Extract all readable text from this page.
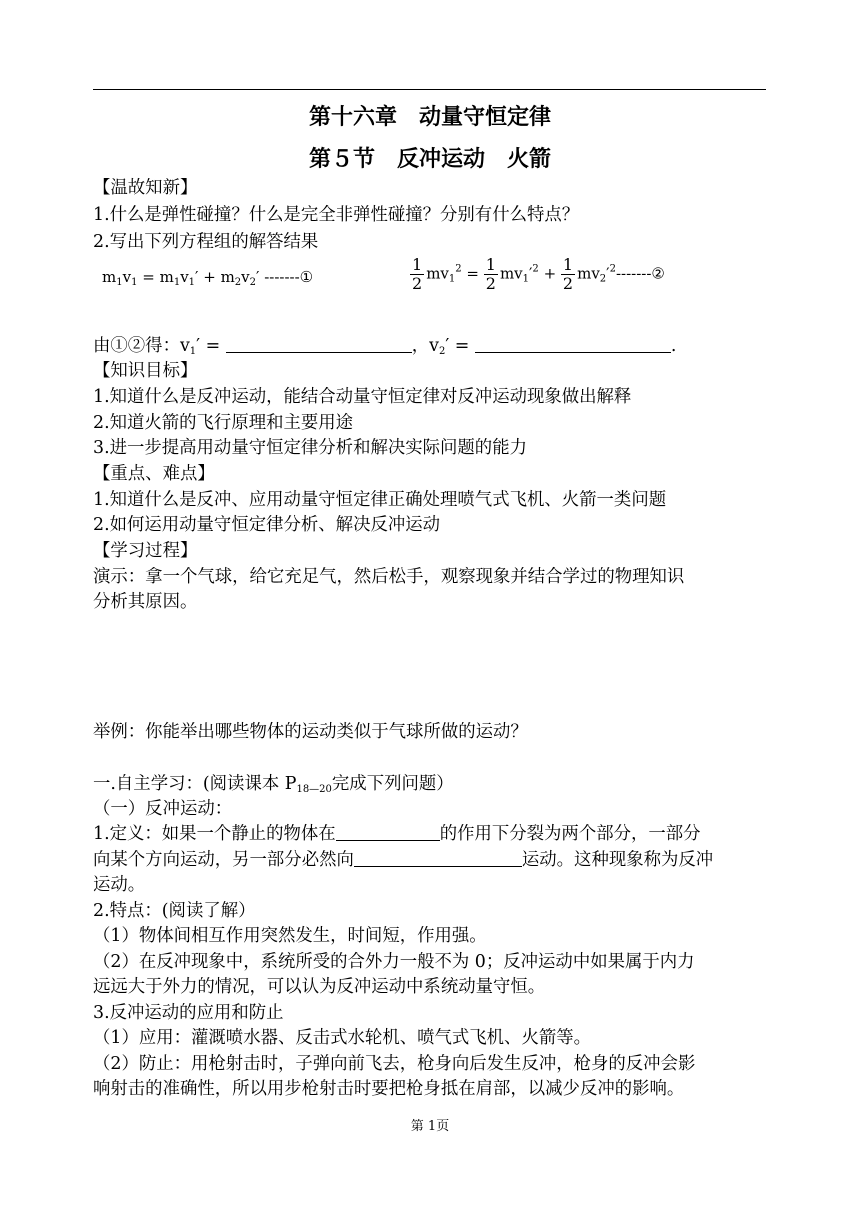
第十六章　动量守恒定律
第５节　反冲运动　火箭
【温故知新】
1.什么是弹性碰撞？什么是完全非弹性碰撞？分别有什么特点？
2.写出下列方程组的解答结果
$m_1v_1 = m_1v_1' + m_2v_2'$ -------①	$\frac{1}{2} mv_1^2 = \frac{1}{2} mv_1'^2 + \frac{1}{2}$ $mv_2'^2-------②$
由①②得：$v_1'$ =	，$v_2'$ =	.
【知识目标】
1.知道什么是反冲运动，能结合动量守恒定律对反冲运动现象做出解释
2.知道火箭的飞行原理和主要用途
3.进一步提高用动量守恒定律分析和解决实际问题的能力
【重点、难点】
1.知道什么是反冲、应用动量守恒定律正确处理喷气式飞机、火箭一类问题
2.如何运用动量守恒定律分析、解决反冲运动
【学习过程】
演示：拿一个气球，给它充足气，然后松手，观察现象并结合学过的物理知识
分析其原因。
举例：你能举出哪些物体的运动类似于气球所做的运动？
一.自主学习：(阅读课本 $P_{18—20}$完成下列问题）
（一）反冲运动：
1.定义：如果一个静止的物体在	的作用下分裂为两个部分，一部分
向某个方向运动，另一部分必然向	运动。这种现象称为反冲
运动。
2.特点：(阅读了解）
（1）物体间相互作用突然发生，时间短，作用强。
（2）在反冲现象中，系统所受的合外力一般不为 0；反冲运动中如果属于内力
远远大于外力的情况，可以认为反冲运动中系统动量守恒。
3.反冲运动的应用和防止
（1）应用：灌溉喷水器、反击式水轮机、喷气式飞机、火箭等。
（2）防止：用枪射击时，子弹向前飞去，枪身向后发生反冲，枪身的反冲会影
响射击的准确性，所以用步枪射击时要把枪身抵在肩部，以减少反冲的影响。
第 1页
